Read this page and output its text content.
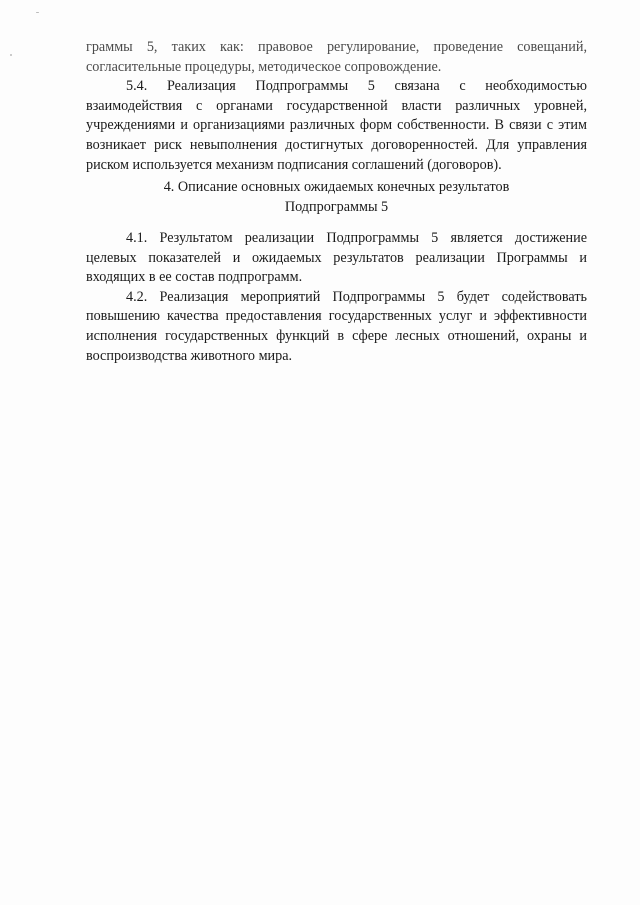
граммы 5, таких как: правовое регулирование, проведение совещаний, согласительные процедуры, методическое сопровождение.

5.4. Реализация Подпрограммы 5 связана с необходимостью взаимодействия с органами государственной власти различных уровней, учреждениями и организациями различных форм собственности. В связи с этим возникает риск невыполнения достигнутых договоренностей. Для управления риском используется механизм подписания соглашений (договоров).

4. Описание основных ожидаемых конечных результатов
Подпрограммы 5

4.1. Результатом реализации Подпрограммы 5 является достижение целевых показателей и ожидаемых результатов реализации Программы и входящих в ее состав подпрограмм.

4.2. Реализация мероприятий Подпрограммы 5 будет содействовать повышению качества предоставления государственных услуг и эффективности исполнения государственных функций в сфере лесных отношений, охраны и воспроизводства животного мира.
